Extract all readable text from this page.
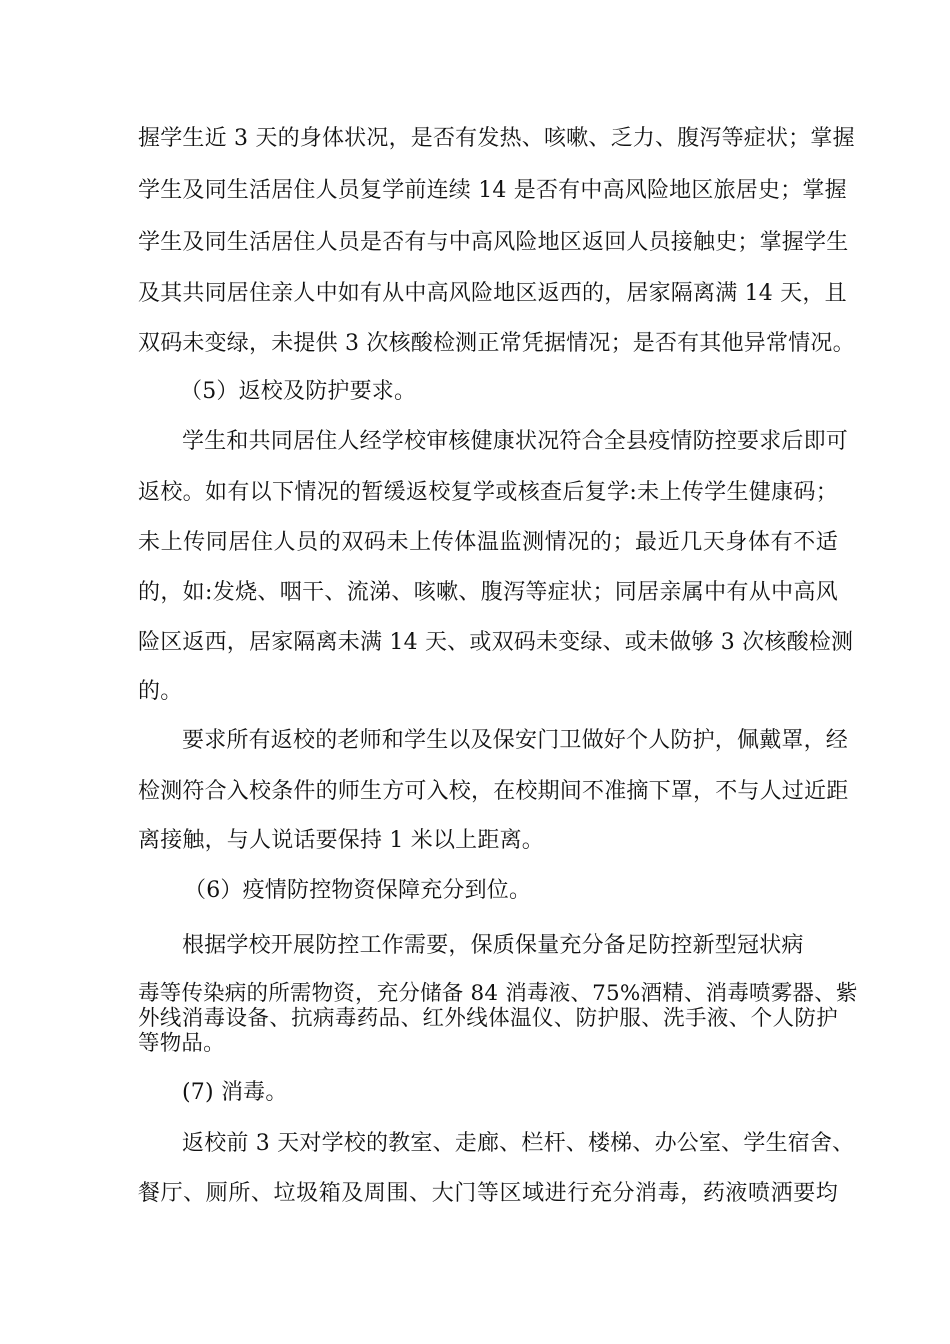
握学生近 3 天的身体状况，是否有发热、咳嗽、乏力、腹泻等症状；掌握
学生及同生活居住人员复学前连续 14 是否有中高风险地区旅居史；掌握
学生及同生活居住人员是否有与中高风险地区返回人员接触史；掌握学生
及其共同居住亲人中如有从中高风险地区返西的，居家隔离满 14 天，且
双码未变绿，未提供 3 次核酸检测正常凭据情况；是否有其他异常情况。
（5）返校及防护要求。
学生和共同居住人经学校审核健康状况符合全县疫情防控要求后即可
返校。如有以下情况的暂缓返校复学或核查后复学:未上传学生健康码；
未上传同居住人员的双码未上传体温监测情况的；最近几天身体有不适
的，如:发烧、咽干、流涕、咳嗽、腹泻等症状；同居亲属中有从中高风
险区返西，居家隔离未满 14 天、或双码未变绿、或未做够 3 次核酸检测
的。
要求所有返校的老师和学生以及保安门卫做好个人防护，佩戴罩，经
检测符合入校条件的师生方可入校，在校期间不准摘下罩，不与人过近距
离接触，与人说话要保持 1 米以上距离。
（6）疫情防控物资保障充分到位。
根据学校开展防控工作需要，保质保量充分备足防控新型冠状病
毒等传染病的所需物资，充分储备 84 消毒液、75%酒精、消毒喷雾器、紫
外线消毒设备、抗病毒药品、红外线体温仪、防护服、洗手液、个人防护
等物品。
(7) 消毒。
返校前 3 天对学校的教室、走廊、栏杆、楼梯、办公室、学生宿舍、
餐厅、厕所、垃圾箱及周围、大门等区域进行充分消毒，药液喷洒要均
